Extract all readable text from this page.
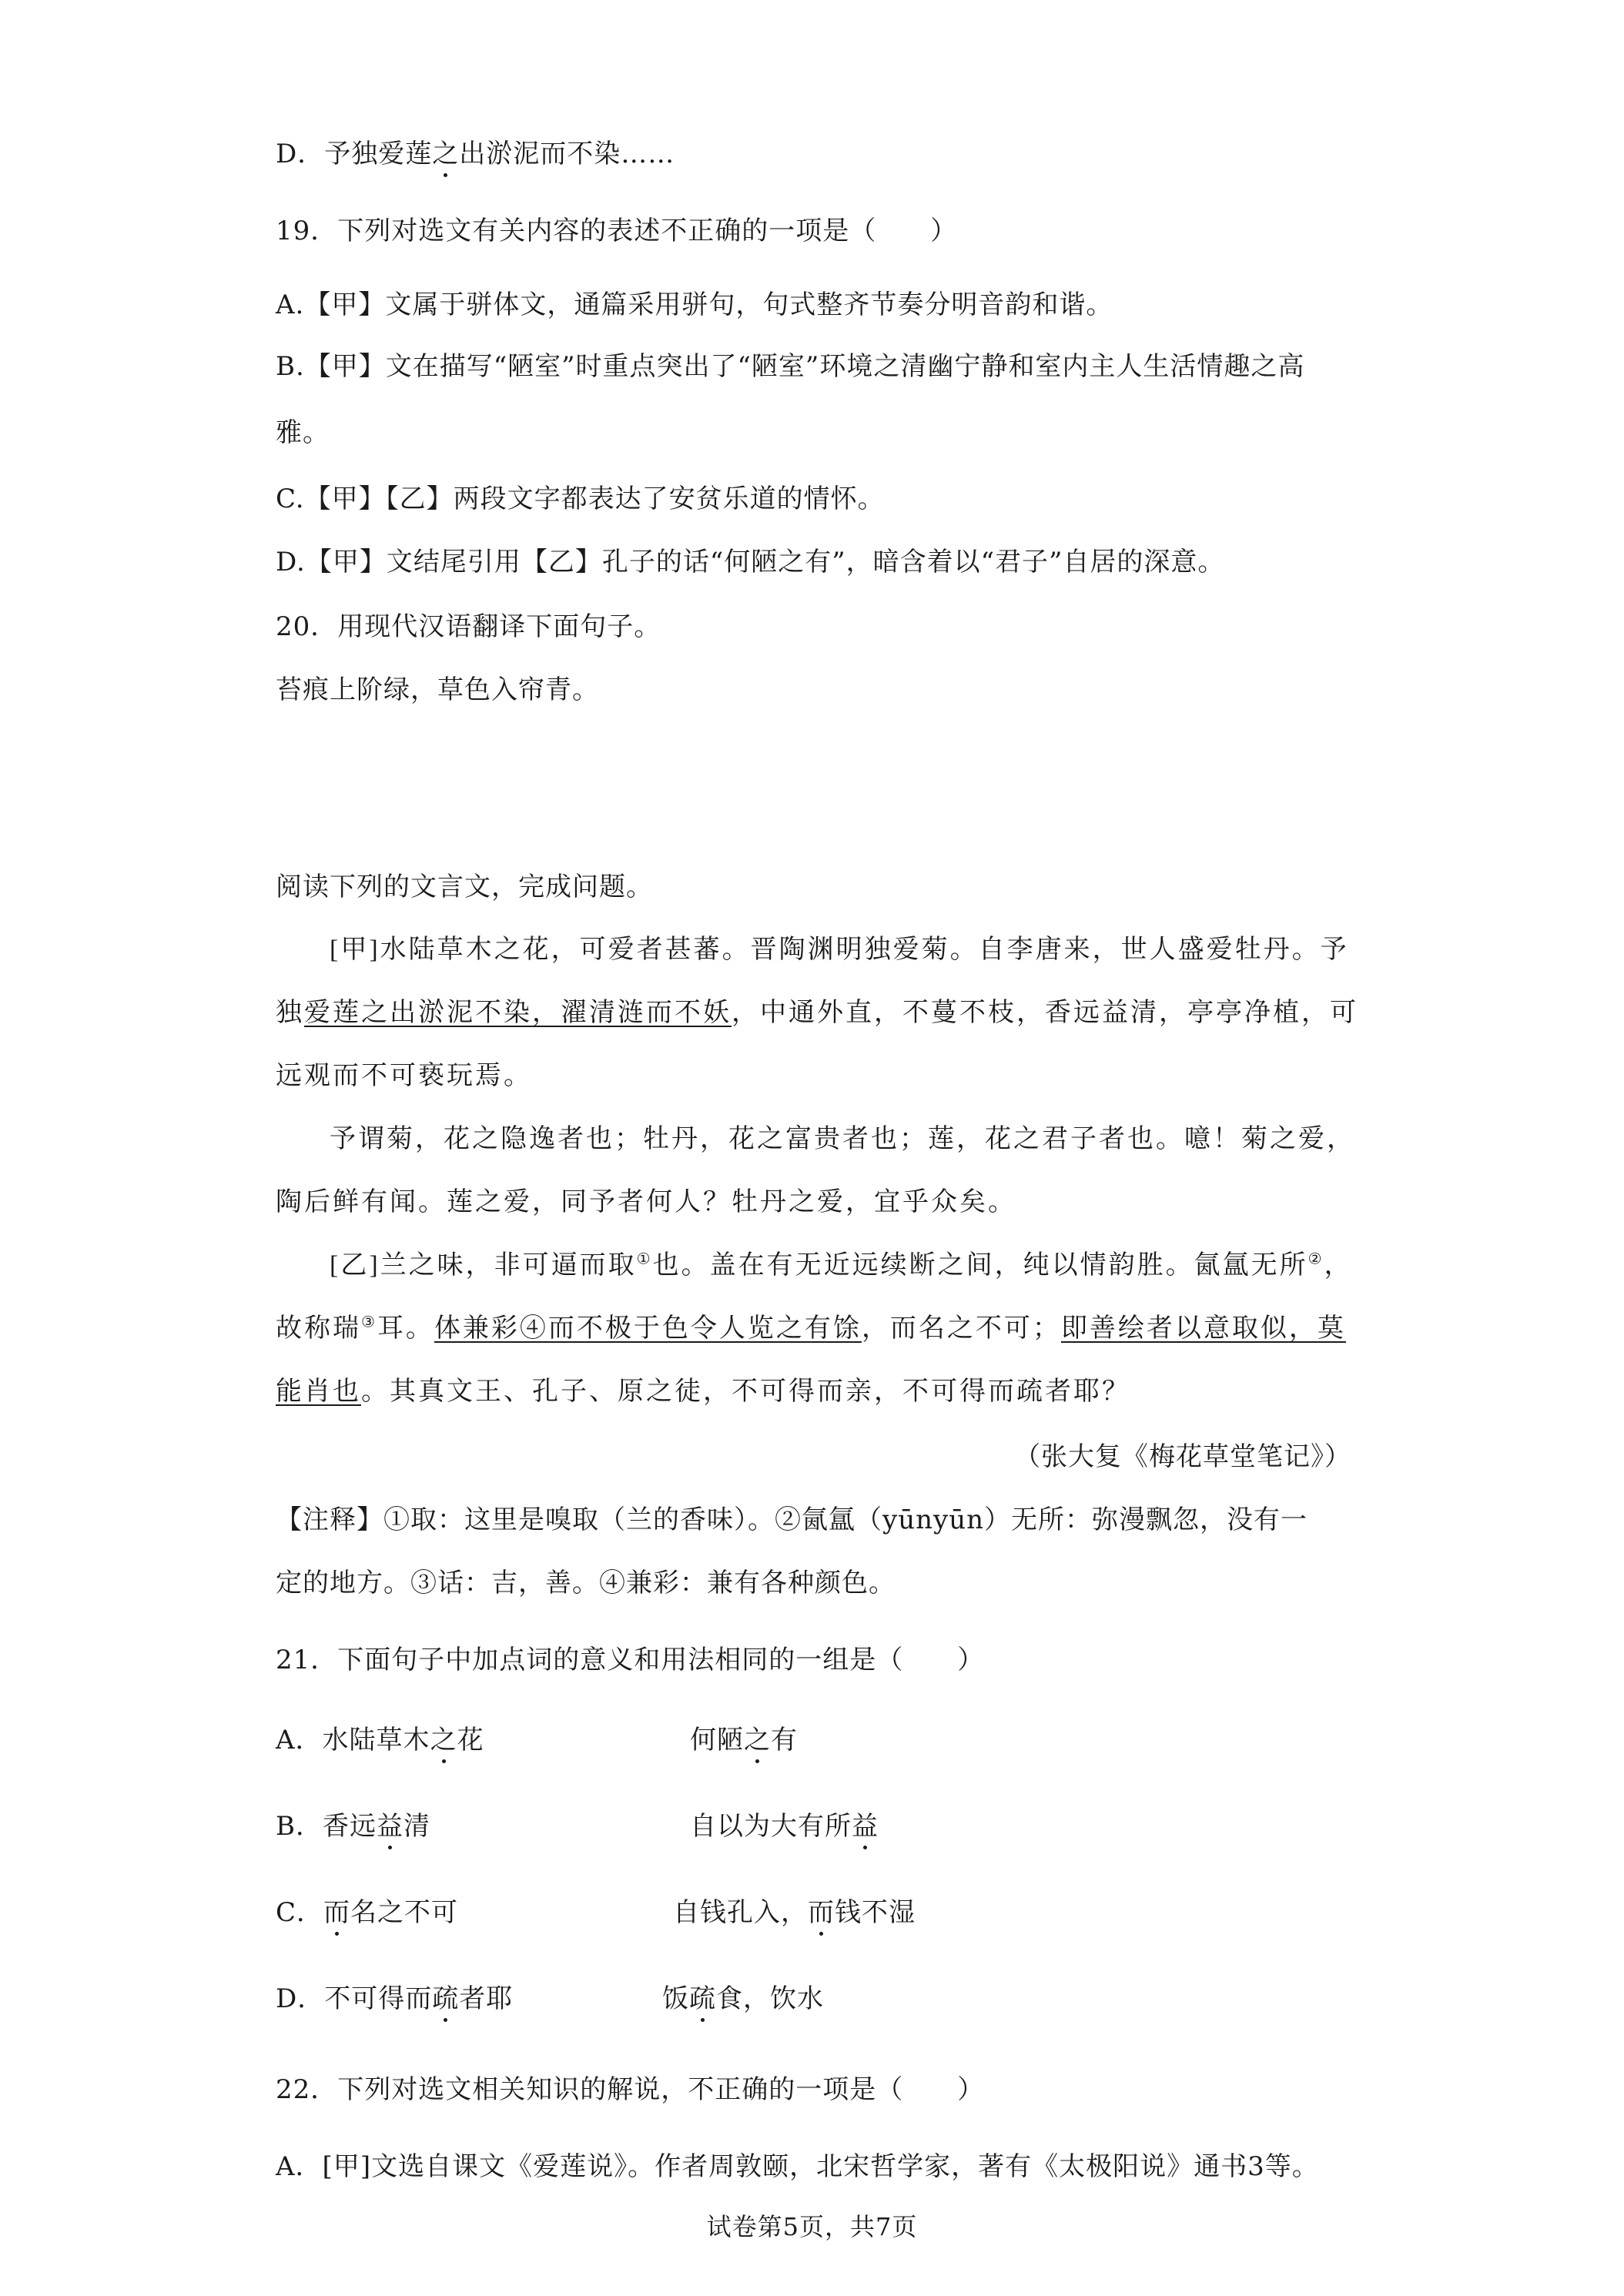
D．予独爱莲之出淤泥而不染……
19．下列对选文有关内容的表述不正确的一项是（　　）
A.【甲】文属于骈体文，通篇采用骈句，句式整齐节奏分明音韵和谐。
B.【甲】文在描写“陋室”时重点突出了“陋室”环境之清幽宁静和室内主人生活情趣之高
雅。
C.【甲】【乙】两段文字都表达了安贫乐道的情怀。
D.【甲】文结尾引用【乙】孔子的话“何陋之有”，暗含着以“君子”自居的深意。
20．用现代汉语翻译下面句子。
苔痕上阶绿，草色入帘青。
阅读下列的文言文，完成问题。
[甲]水陆草木之花，可爱者甚蕃。晋陶渊明独爱菊。自李唐来，世人盛爱牡丹。予
独爱莲之出淤泥不染，濯清涟而不妖，中通外直，不蔓不枝，香远益清，亭亭净植，可
远观而不可亵玩焉。
予谓菊，花之隐逸者也；牡丹，花之富贵者也；莲，花之君子者也。噫！菊之爱，
陶后鲜有闻。莲之爱，同予者何人？牡丹之爱，宜乎众矣。
[乙]兰之味，非可逼而取①也。盖在有无近远续断之间，纯以情韵胜。氤氲无所②，
故称瑞③耳。体兼彩④而不极于色令人览之有馀，而名之不可；即善绘者以意取似，莫
能肖也。其真文王、孔子、原之徒，不可得而亲，不可得而疏者耶？
（张大复《梅花草堂笔记》）
【注释】①取：这里是嗅取（兰的香味）。②氤氲（yūnyūn）无所：弥漫飘忽，没有一
定的地方。③话：吉，善。④兼彩：兼有各种颜色。
21．下面句子中加点词的意义和用法相同的一组是（　　）
A．水陆草木之花	何陋之有
B．香远益清	自以为大有所益
C．而名之不可	自钱孔入，而钱不湿
D．不可得而疏者耶	饭疏食，饮水
22．下列对选文相关知识的解说，不正确的一项是（　　）
A．[甲]文选自课文《爱莲说》。作者周敦颐，北宋哲学家，著有《太极阳说》通书3等。
试卷第5页，共7页
